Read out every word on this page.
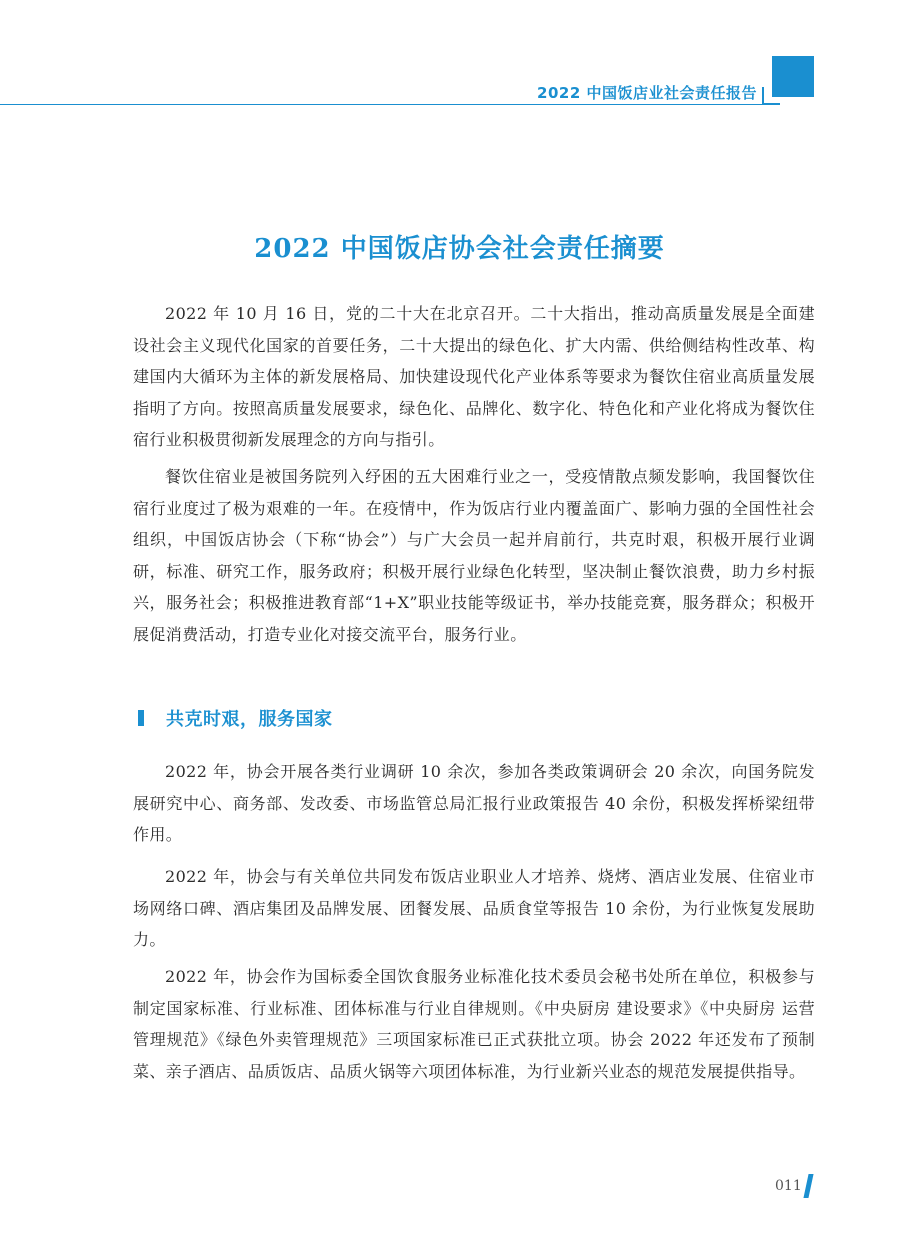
2022 中国饭店业社会责任报告
2022 中国饭店协会社会责任摘要

2022 年 10 月 16 日，党的二十大在北京召开。二十大指出，推动高质量发展是全面建设社会主义现代化国家的首要任务，二十大提出的绿色化、扩大内需、供给侧结构性改革、构建国内大循环为主体的新发展格局、加快建设现代化产业体系等要求为餐饮住宿业高质量发展指明了方向。按照高质量发展要求，绿色化、品牌化、数字化、特色化和产业化将成为餐饮住宿行业积极贯彻新发展理念的方向与指引。

餐饮住宿业是被国务院列入纾困的五大困难行业之一，受疫情散点频发影响，我国餐饮住宿行业度过了极为艰难的一年。在疫情中，作为饭店行业内覆盖面广、影响力强的全国性社会组织，中国饭店协会（下称“协会”）与广大会员一起并肩前行，共克时艰，积极开展行业调研，标准、研究工作，服务政府；积极开展行业绿色化转型，坚决制止餐饮浪费，助力乡村振兴，服务社会；积极推进教育部“1+X”职业技能等级证书，举办技能竞赛，服务群众；积极开展促消费活动，打造专业化对接交流平台，服务行业。

共克时艰，服务国家

2022 年，协会开展各类行业调研 10 余次，参加各类政策调研会 20 余次，向国务院发展研究中心、商务部、发改委、市场监管总局汇报行业政策报告 40 余份，积极发挥桥梁纽带作用。

2022 年，协会与有关单位共同发布饭店业职业人才培养、烧烤、酒店业发展、住宿业市场网络口碑、酒店集团及品牌发展、团餐发展、品质食堂等报告 10 余份，为行业恢复发展助力。

2022 年，协会作为国标委全国饮食服务业标准化技术委员会秘书处所在单位，积极参与制定国家标准、行业标准、团体标准与行业自律规则。《中央厨房 建设要求》《中央厨房 运营管理规范》《绿色外卖管理规范》三项国家标准已正式获批立项。协会 2022 年还发布了预制菜、亲子酒店、品质饭店、品质火锅等六项团体标准，为行业新兴业态的规范发展提供指导。

011
